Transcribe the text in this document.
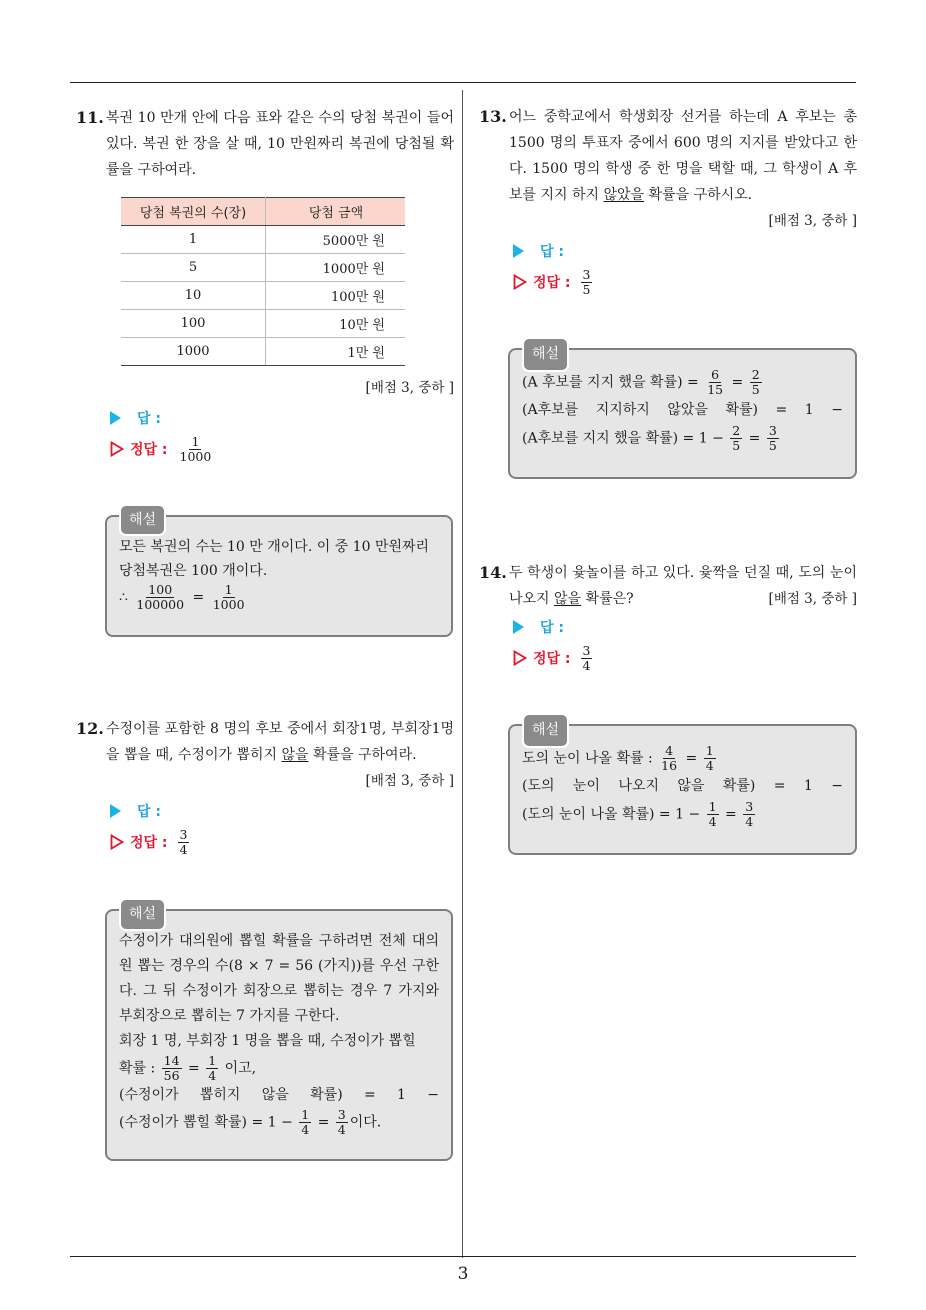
3
11. 복권 10 만개 안에 다음 표와 같은 수의 당첨 복권이 들어 있다. 복권 한 장을 살 때, 10 만원짜리 복권에 당첨될 확률을 구하여라.

당첨 복권의 수(장)	당첨 금액
1	5000만 원
5	1000만 원
10	100만 원
100	10만 원
1000	1만 원
[배점 3, 중하 ]
답 :
정답 : $\frac{1}{1000}$
해설

모든 복권의 수는 10 만 개이다. 이 중 10 만원짜리 당첨복권은 100 개이다.

∴ $\frac{100}{100000} = \frac{1}{1000}$

12. 수정이를 포함한 8 명의 후보 중에서 회장1명, 부회장1명을 뽑을 때, 수정이가 뽑히지 않을 확률을 구하여라.

[배점 3, 중하 ]
답 :
정답 : $\frac{3}{4}$
해설

수정이가 대의원에 뽑힐 확률을 구하려면 전체 대의원 뽑는 경우의 수(8 × 7 = 56 (가지))를 우선 구한다. 그 뒤 수정이가 회장으로 뽑히는 경우 7 가지와 부회장으로 뽑히는 7 가지를 구한다.

회장 1 명, 부회장 1 명을 뽑을 때, 수정이가 뽑힐

확률 : $\frac{14}{56} = \frac{1}{4}$ 이고,

(수정이가 뽑히지 않을 확률) = 1 −

(수정이가 뽑힐 확률) = $1 - \frac{1}{4} = \frac{3}{4}$ 이다.

13. 어느 중학교에서 학생회장 선거를 하는데 A 후보는 총 1500 명의 투표자 중에서 600 명의 지지를 받았다고 한다. 1500 명의 학생 중 한 명을 택할 때, 그 학생이 A 후보를 지지 하지 않았을 확률을 구하시오.

[배점 3, 중하 ]
답 :
정답 : $\frac{3}{5}$
해설

(A 후보를 지지 했을 확률) = $\frac{6}{15} = \frac{2}{5}$

(A후보를 지지하지 않았을 확률) = 1 −

(A후보를 지지 했을 확률) = $1 - \frac{2}{5} = \frac{3}{5}$

14. 두 학생이 윷놀이를 하고 있다. 윷짝을 던질 때, 도의 눈이 나오지 않을 확률은?	[배점 3, 중하 ]
답 :
정답 : $\frac{3}{4}$
해설

도의 눈이 나올 확률 : $\frac{4}{16} = \frac{1}{4}$

(도의 눈이 나오지 않을 확률) = 1 −

(도의 눈이 나올 확률) = $1 - \frac{1}{4} = \frac{3}{4}$
